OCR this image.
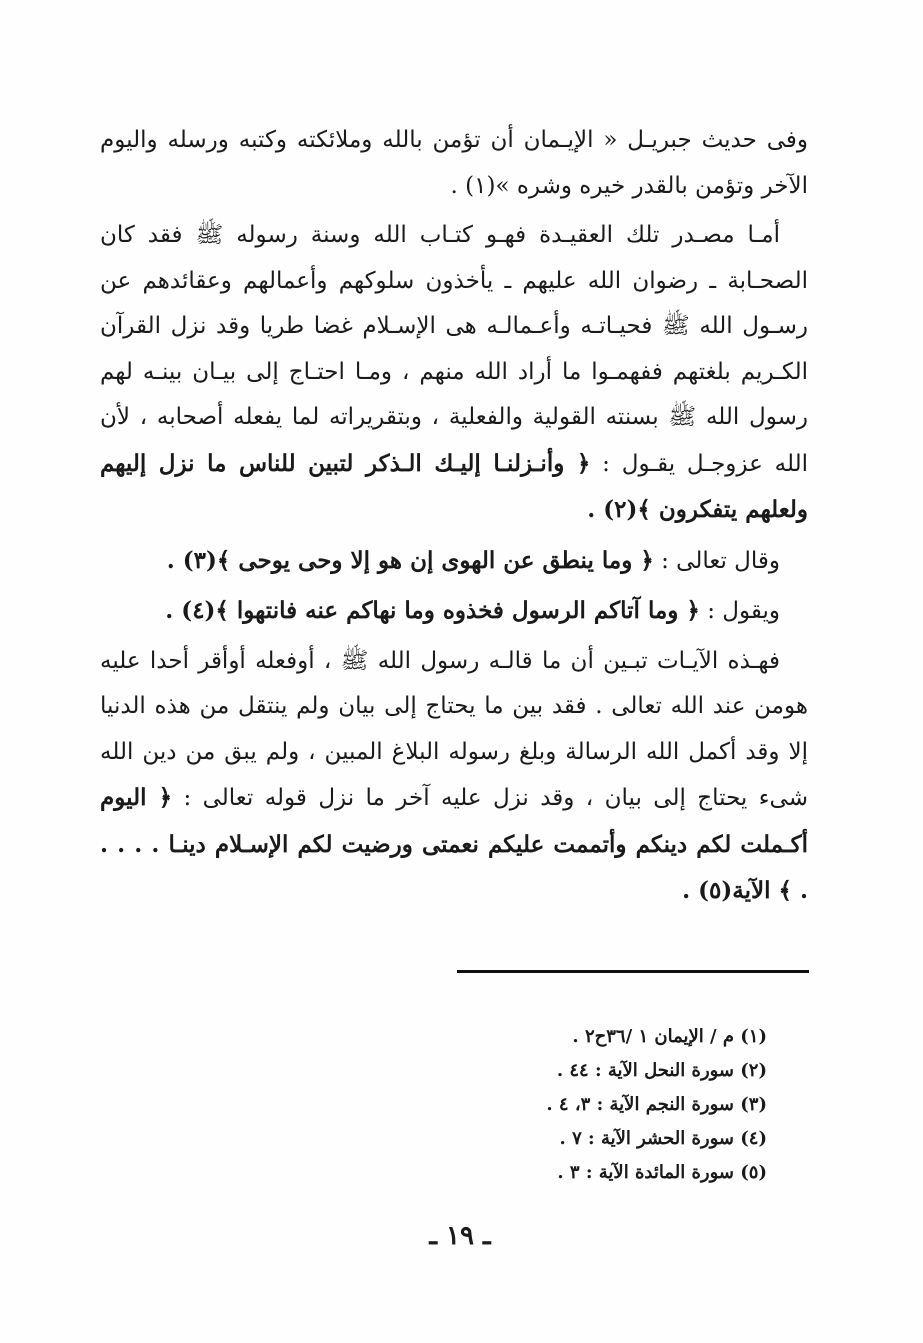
وفى حديث جبريـل « الإيـمان أن تؤمن بالله وملائكته وكتبه ورسله واليوم الآخر وتؤمن بالقدر خيره وشره »(١) .

أمـا مصـدر تلك العقيـدة فهـو كتـاب الله وسنة رسوله ﷺ فقد كان الصحـابة ـ رضوان الله عليهم ـ يأخذون سلوكهم وأعمالهم وعقائدهم عن رسـول الله ﷺ فحيـاتـه وأعـمالـه هى الإسـلام غضا طريا وقد نزل القرآن الكـريم بلغتهم ففهمـوا ما أراد الله منهم ، ومـا احتـاج إلى بيـان بينـه لهم رسول الله ﷺ بسنته القولية والفعلية ، وبتقريراته لما يفعله أصحابه ، لأن الله عزوجـل يقـول : ﴿ وأنـزلنـا إليـك الـذكر لتبين للناس ما نزل إليهم ولعلهم يتفكرون ﴾(٢) .

وقال تعالى : ﴿ وما ينطق عن الهوى إن هو إلا وحى يوحى ﴾(٣) .

ويقول : ﴿ وما آتاكم الرسول فخذوه وما نهاكم عنه فانتهوا ﴾(٤) .

فهـذه الآيـات تبـين أن ما قالـه رسول الله ﷺ ، أوفعله أوأقر أحدا عليه هومن عند الله تعالى . فقد بين ما يحتاج إلى بيان ولم ينتقل من هذه الدنيا إلا وقد أكمل الله الرسالة وبلغ رسوله البلاغ المبين ، ولم يبق من دين الله شىء يحتاج إلى بيان ، وقد نزل عليه آخر ما نزل قوله تعالى : ﴿ اليوم أكـملت لكم دينكم وأتممت عليكم نعمتى ورضيت لكم الإسـلام دينـا . . . . . ﴾ الآية(٥) .

(١) م / الإيمان ١ /٣٦ح٢ .

(٢) سورة النحل الآية : ٤٤ .

(٣) سورة النجم الآية : ٣، ٤ .

(٤) سورة الحشر الآية : ٧ .

(٥) سورة المائدة الآية : ٣ .

ـ ١٩ ـ
